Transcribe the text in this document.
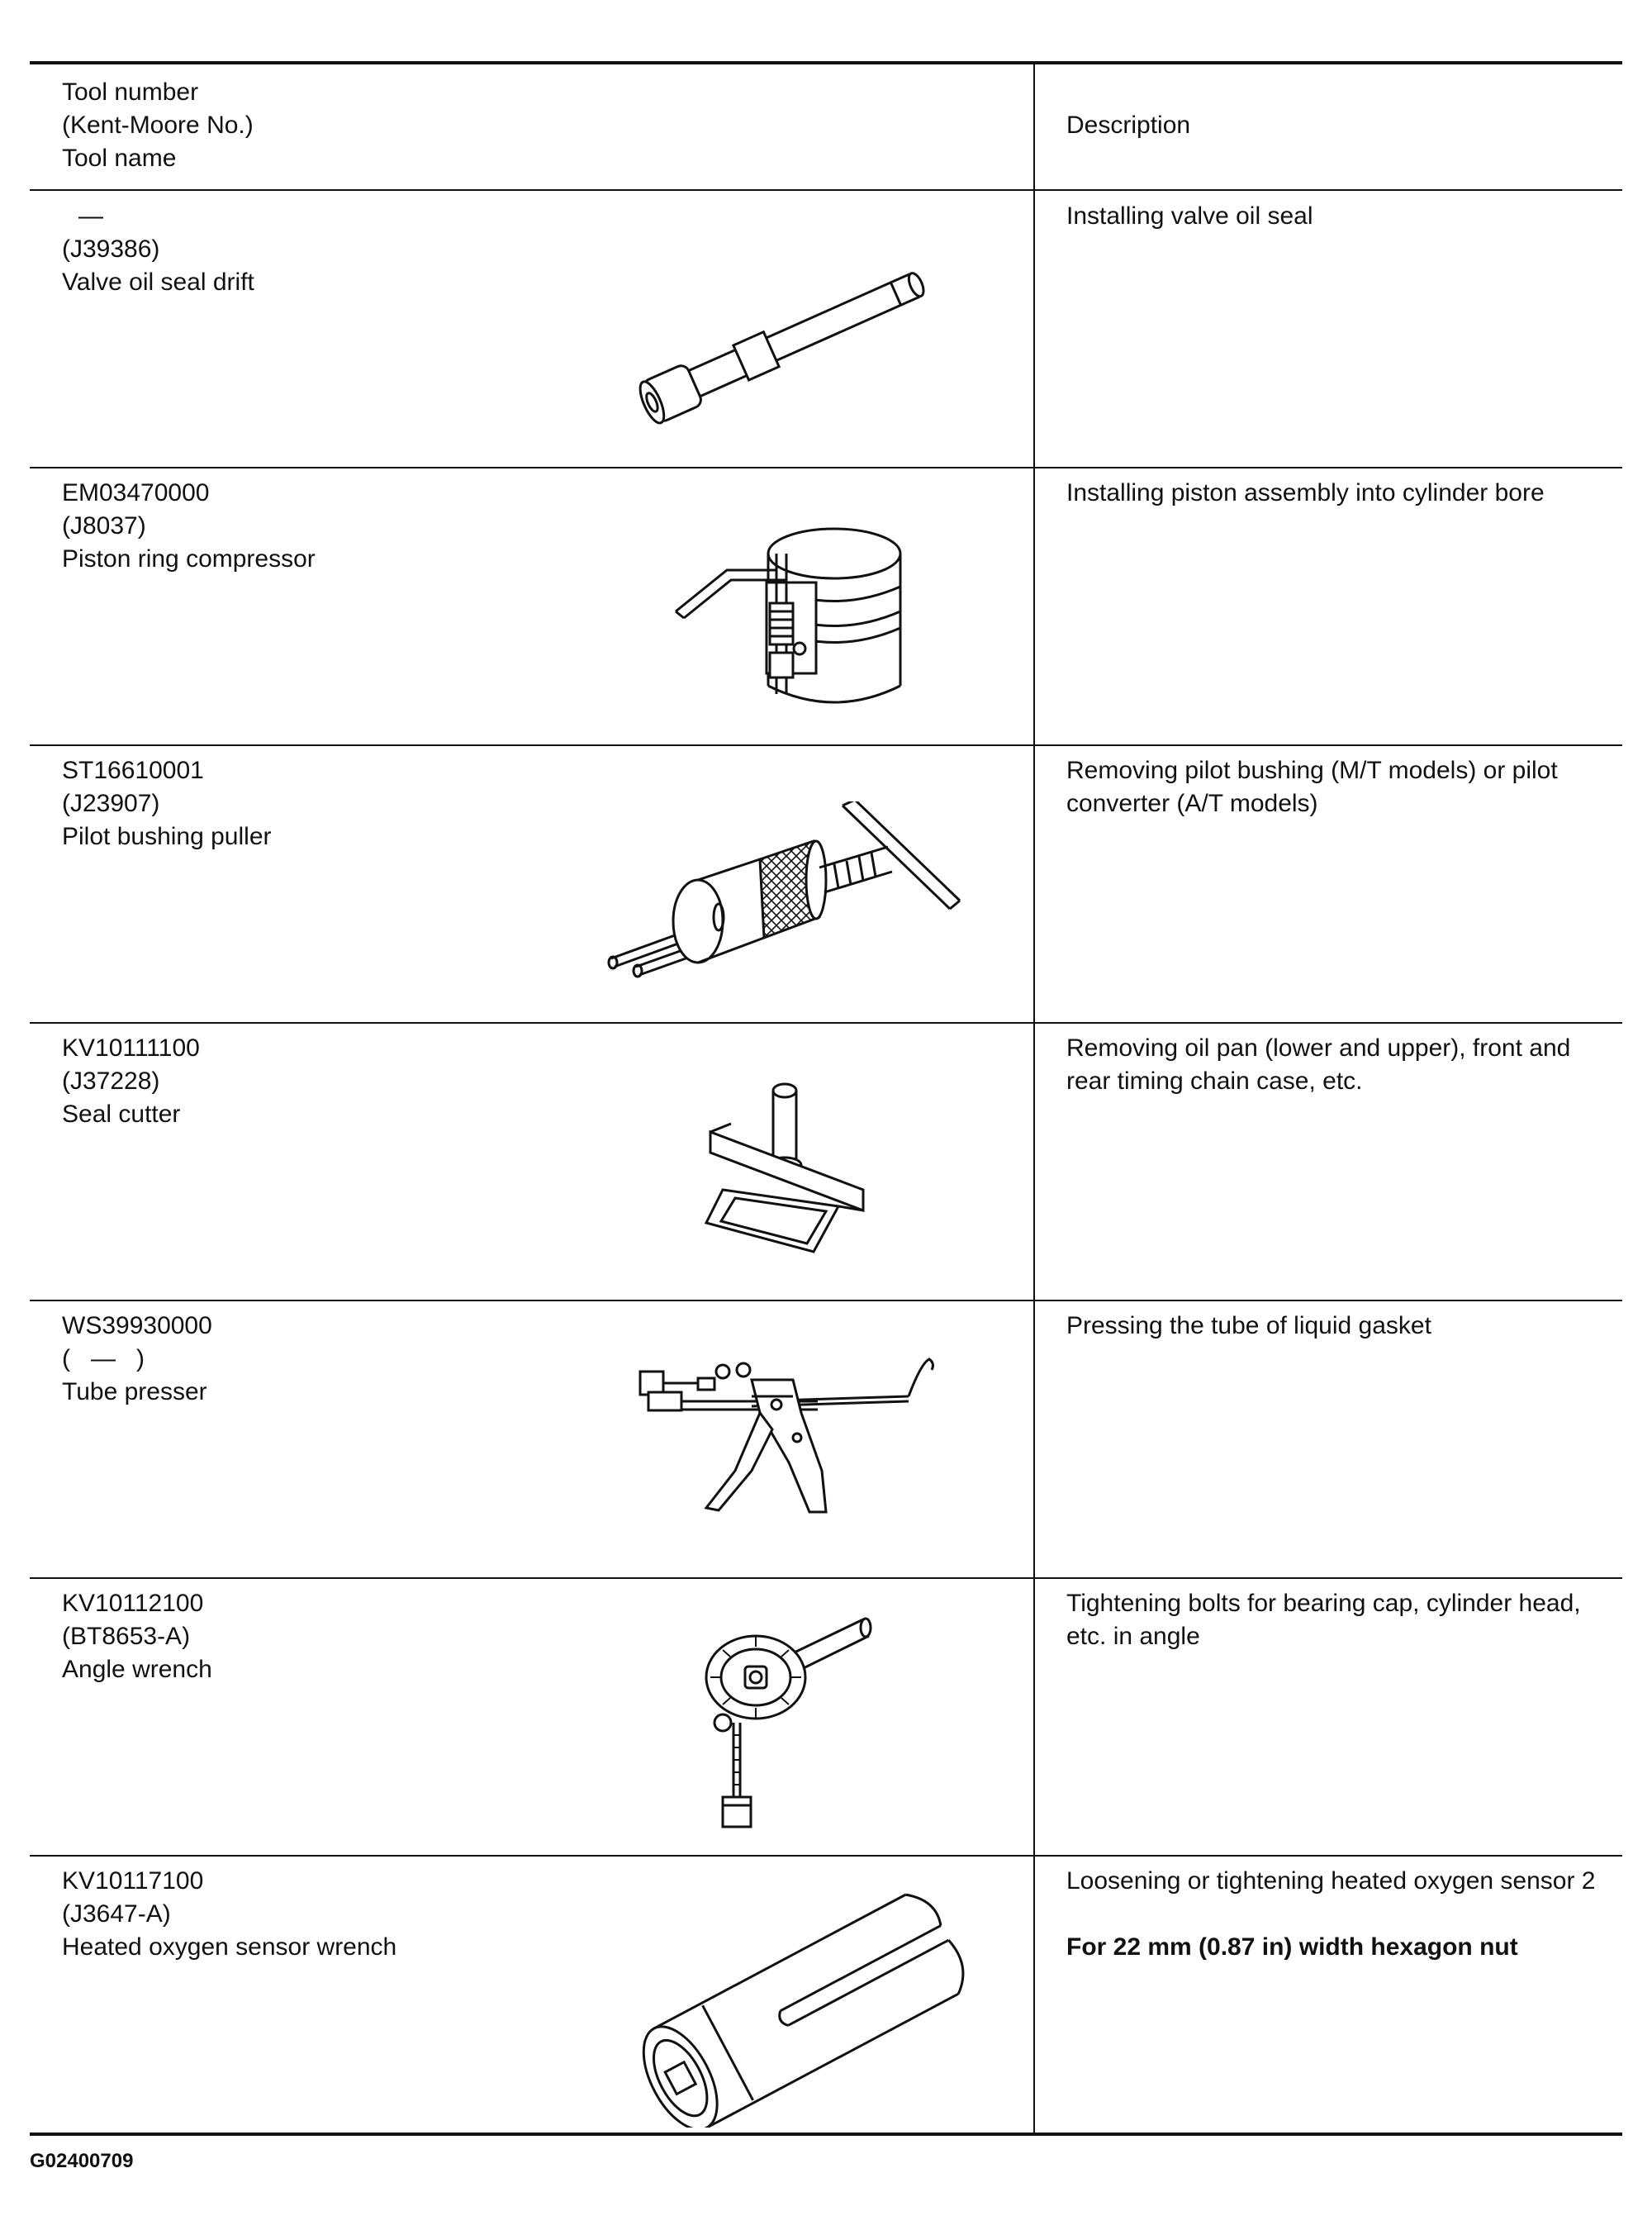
Tool number
(Kent-Moore No.)
Tool name
Description
—
(J39386)
Valve oil seal drift
Installing valve oil seal
EM03470000
(J8037)
Piston ring compressor
Installing piston assembly into cylinder bore
ST16610001
(J23907)
Pilot bushing puller
Removing pilot bushing (M/T models) or pilot converter (A/T models)
KV10111100
(J37228)
Seal cutter
Removing oil pan (lower and upper), front and rear timing chain case, etc.
WS39930000
(   —   )
Tube presser
Pressing the tube of liquid gasket
KV10112100
(BT8653-A)
Angle wrench
Tightening bolts for bearing cap, cylinder head, etc. in angle
KV10117100
(J3647-A)
Heated oxygen sensor wrench
Loosening or tightening heated oxygen sensor 2
For 22 mm (0.87 in) width hexagon nut
G02400709
